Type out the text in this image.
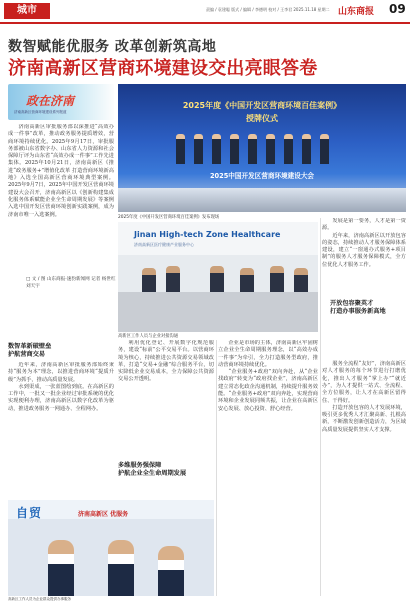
城市	责编 / 袁建聪 版式 / 编辑 / 李德明 校对 / 王李君 2025.11.18 星期二 山东商报 09
数智赋能优服务 改革创新筑高地
济南高新区营商环境建设交出亮眼答卷
政在济南
济南高新区营商环境建设系列报道

济南高新区审批服务部以深推进“高效办成一件事”改革，推动政务服务提质增效，营商环境持续优化。2025年9月17日，审批服务部被山东省数字办、山东省人力资源和社会保障厅评为山东省“高效办成一件事”工作先进集体。2025年10月21日，济南高新区《推进“政务服务+”增值化改革 打造营商环境新高地》入选全国高新区营商环境典型案例。2025年9月7日，2025年中国开发区营商环境建设大会召开，济南高新区以《创新构建集成化服务体系赋能企业全生命周期发展》等案例入选中国开发区营商环境创新实践案例，成为济南市唯一入选案例。

□ 文 / 图 山东商报·速豹新闻网 记者 杨世红 刘天宇
2025年度《中国开发区营商环境百佳案例》
授牌仪式
2025中国开发区营商环境建设大会
2025年度《中国开发区营商环境百佳案例》发布现场
Jinan High-tech Zone Healthcare
济南高新区医疗健康产业服务中心
高新区工作人员与企业对接沟通
开放包容聚英才
打造办事服务新高地

发展是第一要务，人才是第一资源。

近年来，济南高新区以开放包容的姿态，持续推动人才服务保障体系建设，建立“一窗通办式服务+项目制”的服务人才服务保障模式，全方位优化人才服务工作。

服务全流程“友好”，济南高新区对人才服务的每个环节进行打磨优化，推出人才服务“掌上办”“就近办”，为人才提供一站式、全流程、全方位服务，让人才在高新区留得住、干得好。

打造开放包容的人才发展环境，吸引更多优秀人才汇聚高新、扎根高新，不断激发创新创造活力，为区域高质量发展提供坚实人才支撑。

数智革新破壁垒
护航营商交易

近年来，济南高新区审批服务部始终秉持“服务为本”理念，以推进营商环境“提质升级”为抓手，推动高质量发展。

水到渠成，一张蓝图绘到底。在高新区的工作中，一批又一批企业经过审批系统的优化实现便利办理，济南高新区以数字化改革为驱动，推进政务服务一网通办、全程网办。

利用优化登记、开展数字化规范服务，建设“标前”公平交易平台。以营商环境为核心，持续推进公共资源交易领域改革，打造“交易+金融”综合服务平台，切实降低企业交易成本，全力保障公共资源交易公开透明。

多维服务强保障
护航企业全生命周期发展

企业是市场的主体，济南高新区牢固树立企业全生命周期服务理念，以“高效办成一件事”为牵引，全力打造服务型政府，推动营商环境持续优化。

“企业服务+政府”双向奔赴，从“企业找政府”转变为“政府找企业”，济南高新区建立常态化政企沟通机制，持续提升服务效能。“企业服务+政府”双向奔赴，实现营商环境和企业发展同频共振，让企业在高新区安心发展、放心投资、舒心经营。

自贸	济南高新区 优服务
高新区工作人员为企业群众提供办事服务
